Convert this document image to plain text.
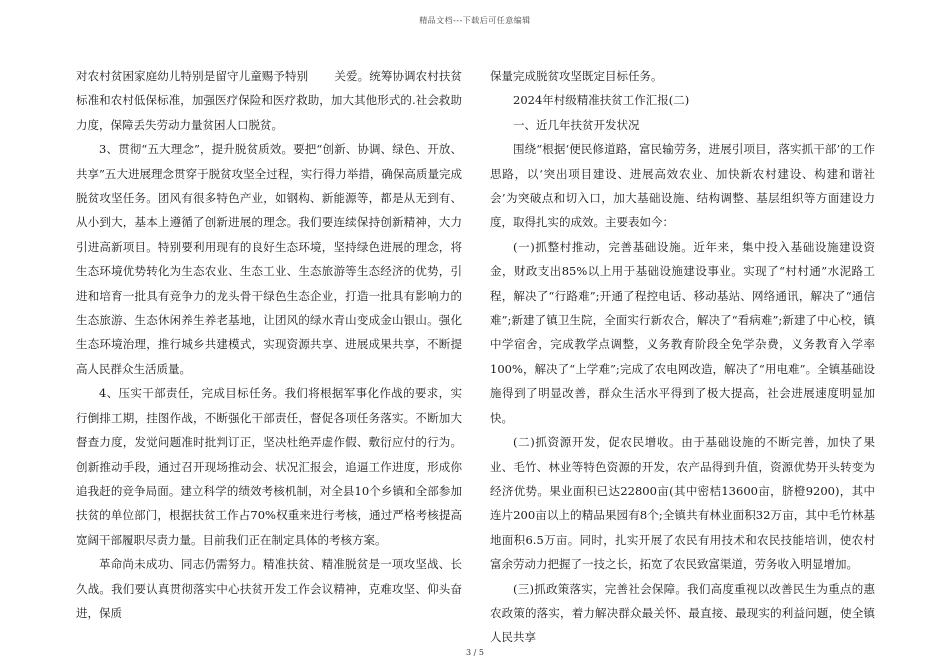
精品文档---下载后可任意编辑

对农村贫困家庭幼儿特别是留守儿童赐予特别 关爱。统筹协调农村扶贫标准和农村低保标准，加强医疗保险和医疗救助，加大其他形式的.社会救助力度，保障丢失劳动力量贫困人口脱贫。

3、贯彻“五大理念”，提升脱贫质效。要把“创新、协调、绿色、开放、共享”五大进展理念贯穿于脱贫攻坚全过程，实行得力举措，确保高质量完成脱贫攻坚任务。团风有很多特色产业，如钢构、新能源等，都是从无到有、从小到大，基本上遵循了创新进展的理念。我们要连续保持创新精神，大力引进高新项目。特别要利用现有的良好生态环境，坚持绿色进展的理念，将生态环境优势转化为生态农业、生态工业、生态旅游等生态经济的优势，引进和培育一批具有竞争力的龙头骨干绿色生态企业，打造一批具有影响力的生态旅游、生态休闲养生养老基地，让团风的绿水青山变成金山银山。强化生态环境治理，推行城乡共建模式，实现资源共享、进展成果共享，不断提高人民群众生活质量。

4、压实干部责任，完成目标任务。我们将根据军事化作战的要求，实行倒排工期，挂图作战，不断强化干部责任，督促各项任务落实。不断加大督查力度，发觉问题准时批判订正，坚决杜绝弄虚作假、敷衍应付的行为。创新推动手段，通过召开现场推动会、状况汇报会，追逼工作进度，形成你追我赶的竞争局面。建立科学的绩效考核机制，对全县10个乡镇和全部参加扶贫的单位部门，根据扶贫工作占70%权重来进行考核，通过严格考核提高宽阔干部履职尽责力量。目前我们正在制定具体的考核方案。

革命尚未成功、同志仍需努力。精准扶贫、精准脱贫是一项攻坚战、长久战。我们要认真贯彻落实中心扶贫开发工作会议精神，克难攻坚、仰头奋进，保质

保量完成脱贫攻坚既定目标任务。

2024年村级精准扶贫工作汇报(二)

一、近几年扶贫开发状况

围绕“根据‘便民修道路，富民输劳务，进展引项目，落实抓干部’的工作思路，以‘突出项目建设、进展高效农业、加快新农村建设、构建和谐社会’为突破点和切入口，加大基础设施、结构调整、基层组织等方面建设力度，取得扎实的成效。主要表如今：

(一)抓整村推动，完善基础设施。近年来，集中投入基础设施建设资金，财政支出85%以上用于基础设施建设事业。实现了“村村通”水泥路工程，解决了“行路难”;开通了程控电话、移动基站、网络通讯，解决了“通信难”;新建了镇卫生院，全面实行新农合，解决了“看病难”;新建了中心校，镇中学宿舍，完成教学点调整，义务教育阶段全免学杂费，义务教育入学率100%，解决了“上学难”;完成了农电网改造，解决了“用电难”。全镇基础设施得到了明显改善，群众生活水平得到了极大提高，社会进展速度明显加快。

(二)抓资源开发，促农民增收。由于基础设施的不断完善，加快了果业、毛竹、林业等特色资源的开发，农产品得到升值，资源优势开头转变为经济优势。果业面积已达22800亩(其中密桔13600亩，脐橙9200)，其中连片200亩以上的精品果园有8个;全镇共有林业面积32万亩，其中毛竹林基地面积6.5万亩。同时，扎实开展了农民有用技术和农民技能培训，使农村富余劳动力把握了一技之长，拓宽了农民致富渠道，劳务收入明显增加。

(三)抓政策落实，完善社会保障。我们高度重视以改善民生为重点的惠农政策的落实，着力解决群众最关怀、最直接、最现实的利益问题，使全镇人民共享

3 / 5
